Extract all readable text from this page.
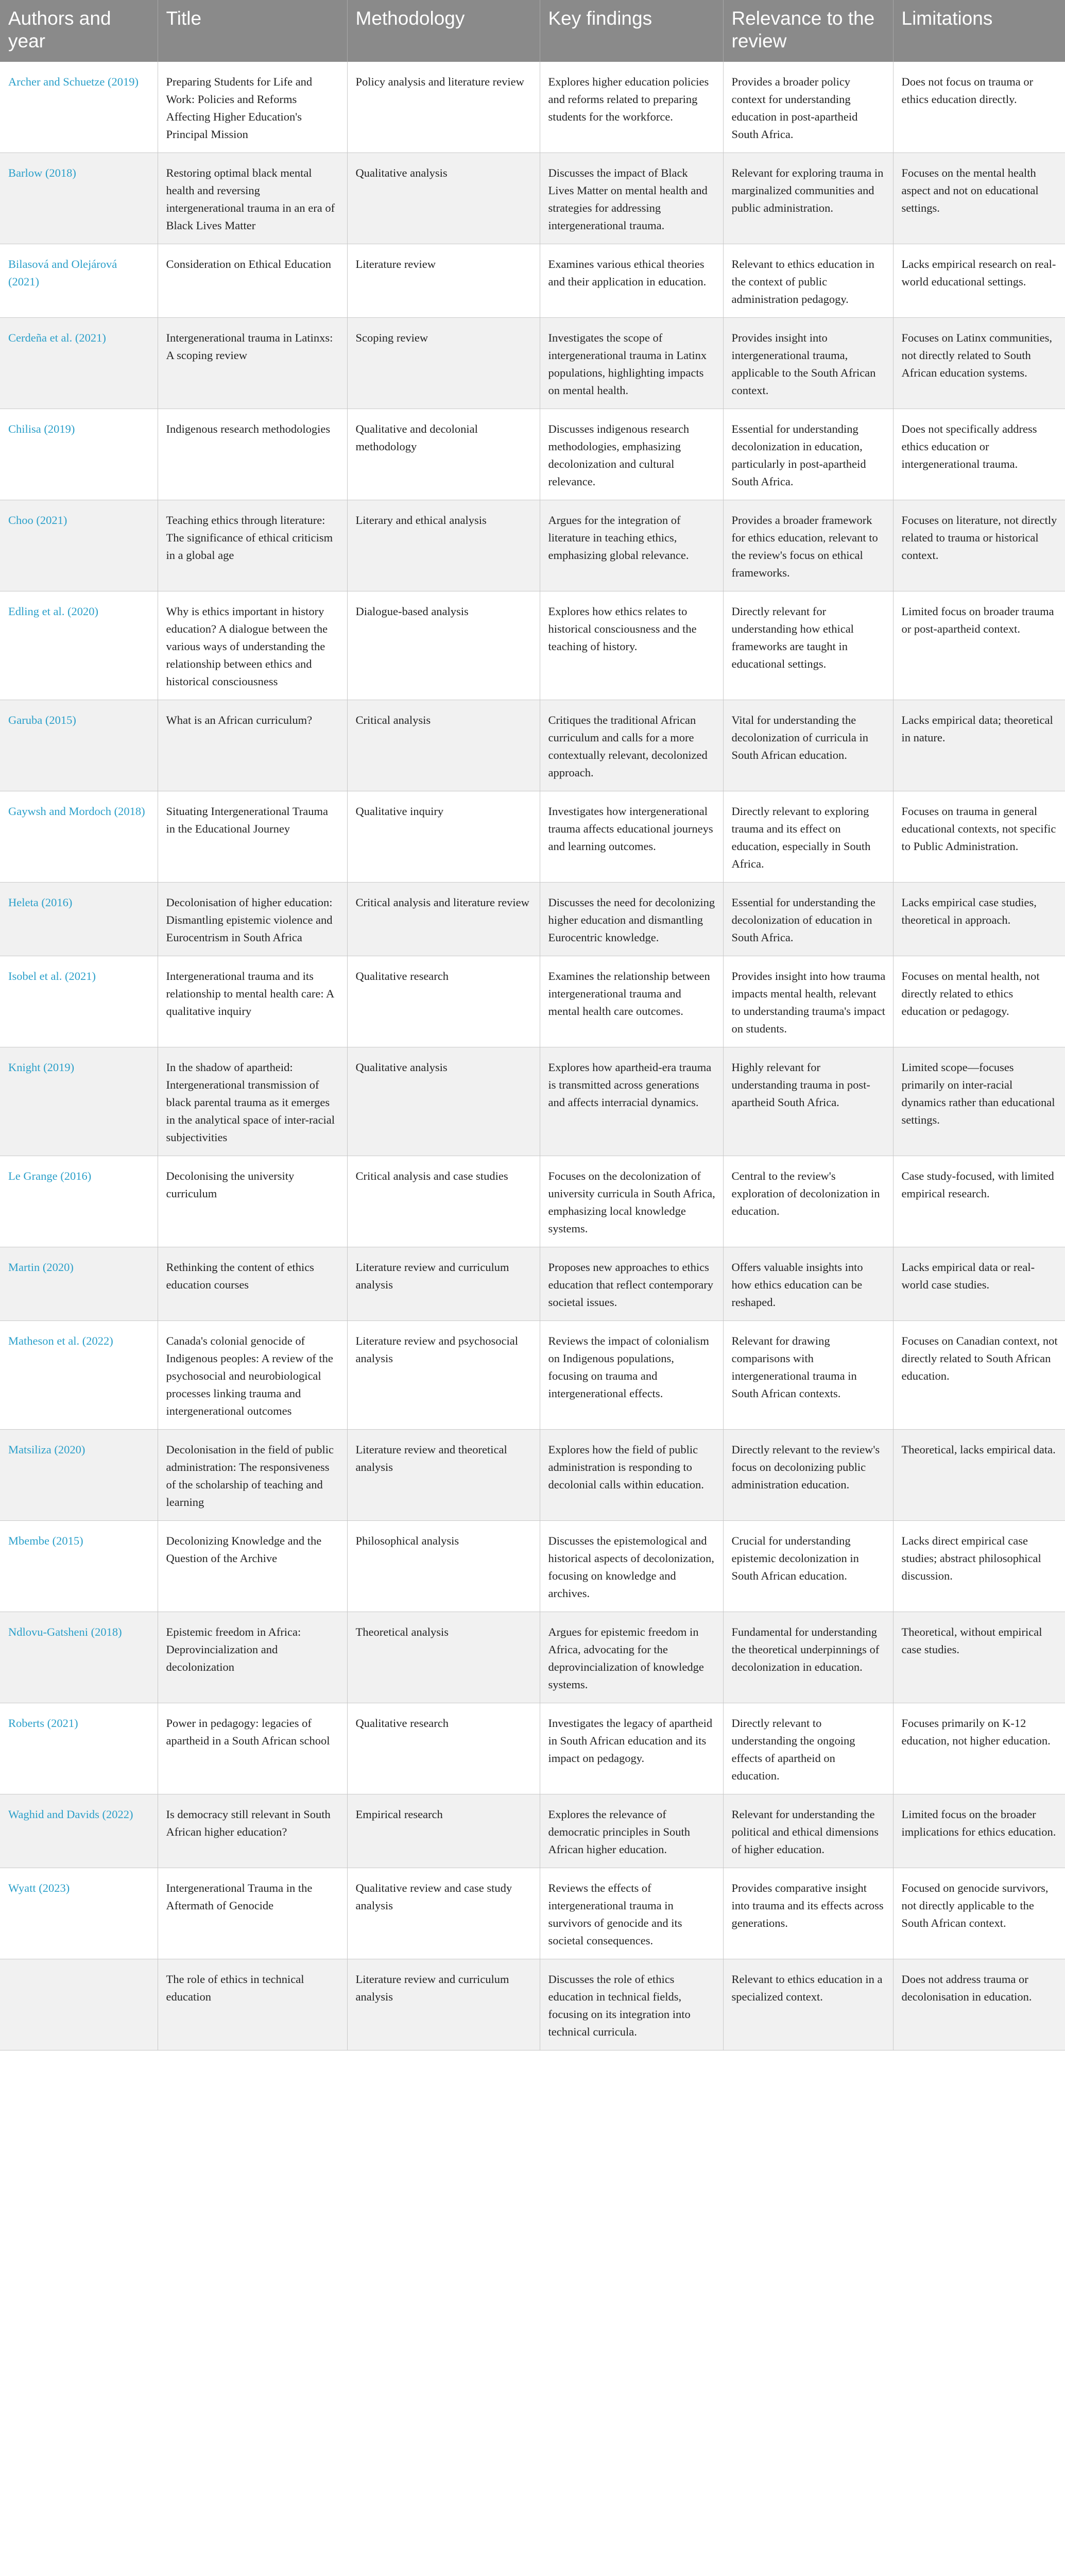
Authors and year	Title	Methodology	Key findings	Relevance to the review	Limitations
Archer and Schuetze (2019)	Preparing Students for Life and Work: Policies and Reforms Affecting Higher Education's Principal Mission	Policy analysis and literature review	Explores higher education policies and reforms related to preparing students for the workforce.	Provides a broader policy context for understanding education in post-apartheid South Africa.	Does not focus on trauma or ethics education directly.
Barlow (2018)	Restoring optimal black mental health and reversing intergenerational trauma in an era of Black Lives Matter	Qualitative analysis	Discusses the impact of Black Lives Matter on mental health and strategies for addressing intergenerational trauma.	Relevant for exploring trauma in marginalized communities and public administration.	Focuses on the mental health aspect and not on educational settings.
Bilasová and Olejárová (2021)	Consideration on Ethical Education	Literature review	Examines various ethical theories and their application in education.	Relevant to ethics education in the context of public administration pedagogy.	Lacks empirical research on real-world educational settings.
Cerdeña et al. (2021)	Intergenerational trauma in Latinxs: A scoping review	Scoping review	Investigates the scope of intergenerational trauma in Latinx populations, highlighting impacts on mental health.	Provides insight into intergenerational trauma, applicable to the South African context.	Focuses on Latinx communities, not directly related to South African education systems.
Chilisa (2019)	Indigenous research methodologies	Qualitative and decolonial methodology	Discusses indigenous research methodologies, emphasizing decolonization and cultural relevance.	Essential for understanding decolonization in education, particularly in post-apartheid South Africa.	Does not specifically address ethics education or intergenerational trauma.
Choo (2021)	Teaching ethics through literature: The significance of ethical criticism in a global age	Literary and ethical analysis	Argues for the integration of literature in teaching ethics, emphasizing global relevance.	Provides a broader framework for ethics education, relevant to the review's focus on ethical frameworks.	Focuses on literature, not directly related to trauma or historical context.
Edling et al. (2020)	Why is ethics important in history education? A dialogue between the various ways of understanding the relationship between ethics and historical consciousness	Dialogue-based analysis	Explores how ethics relates to historical consciousness and the teaching of history.	Directly relevant for understanding how ethical frameworks are taught in educational settings.	Limited focus on broader trauma or post-apartheid context.
Garuba (2015)	What is an African curriculum?	Critical analysis	Critiques the traditional African curriculum and calls for a more contextually relevant, decolonized approach.	Vital for understanding the decolonization of curricula in South African education.	Lacks empirical data; theoretical in nature.
Gaywsh and Mordoch (2018)	Situating Intergenerational Trauma in the Educational Journey	Qualitative inquiry	Investigates how intergenerational trauma affects educational journeys and learning outcomes.	Directly relevant to exploring trauma and its effect on education, especially in South Africa.	Focuses on trauma in general educational contexts, not specific to Public Administration.
Heleta (2016)	Decolonisation of higher education: Dismantling epistemic violence and Eurocentrism in South Africa	Critical analysis and literature review	Discusses the need for decolonizing higher education and dismantling Eurocentric knowledge.	Essential for understanding the decolonization of education in South Africa.	Lacks empirical case studies, theoretical in approach.
Isobel et al. (2021)	Intergenerational trauma and its relationship to mental health care: A qualitative inquiry	Qualitative research	Examines the relationship between intergenerational trauma and mental health care outcomes.	Provides insight into how trauma impacts mental health, relevant to understanding trauma's impact on students.	Focuses on mental health, not directly related to ethics education or pedagogy.
Knight (2019)	In the shadow of apartheid: Intergenerational transmission of black parental trauma as it emerges in the analytical space of inter-racial subjectivities	Qualitative analysis	Explores how apartheid-era trauma is transmitted across generations and affects interracial dynamics.	Highly relevant for understanding trauma in post-apartheid South Africa.	Limited scope—focuses primarily on inter-racial dynamics rather than educational settings.
Le Grange (2016)	Decolonising the university curriculum	Critical analysis and case studies	Focuses on the decolonization of university curricula in South Africa, emphasizing local knowledge systems.	Central to the review's exploration of decolonization in education.	Case study-focused, with limited empirical research.
Martin (2020)	Rethinking the content of ethics education courses	Literature review and curriculum analysis	Proposes new approaches to ethics education that reflect contemporary societal issues.	Offers valuable insights into how ethics education can be reshaped.	Lacks empirical data or real-world case studies.
Matheson et al. (2022)	Canada's colonial genocide of Indigenous peoples: A review of the psychosocial and neurobiological processes linking trauma and intergenerational outcomes	Literature review and psychosocial analysis	Reviews the impact of colonialism on Indigenous populations, focusing on trauma and intergenerational effects.	Relevant for drawing comparisons with intergenerational trauma in South African contexts.	Focuses on Canadian context, not directly related to South African education.
Matsiliza (2020)	Decolonisation in the field of public administration: The responsiveness of the scholarship of teaching and learning	Literature review and theoretical analysis	Explores how the field of public administration is responding to decolonial calls within education.	Directly relevant to the review's focus on decolonizing public administration education.	Theoretical, lacks empirical data.
Mbembe (2015)	Decolonizing Knowledge and the Question of the Archive	Philosophical analysis	Discusses the epistemological and historical aspects of decolonization, focusing on knowledge and archives.	Crucial for understanding epistemic decolonization in South African education.	Lacks direct empirical case studies; abstract philosophical discussion.
Ndlovu-Gatsheni (2018)	Epistemic freedom in Africa: Deprovincialization and decolonization	Theoretical analysis	Argues for epistemic freedom in Africa, advocating for the deprovincialization of knowledge systems.	Fundamental for understanding the theoretical underpinnings of decolonization in education.	Theoretical, without empirical case studies.
Roberts (2021)	Power in pedagogy: legacies of apartheid in a South African school	Qualitative research	Investigates the legacy of apartheid in South African education and its impact on pedagogy.	Directly relevant to understanding the ongoing effects of apartheid on education.	Focuses primarily on K-12 education, not higher education.
Waghid and Davids (2022)	Is democracy still relevant in South African higher education?	Empirical research	Explores the relevance of democratic principles in South African higher education.	Relevant for understanding the political and ethical dimensions of higher education.	Limited focus on the broader implications for ethics education.
Wyatt (2023)	Intergenerational Trauma in the Aftermath of Genocide	Qualitative review and case study analysis	Reviews the effects of intergenerational trauma in survivors of genocide and its societal consequences.	Provides comparative insight into trauma and its effects across generations.	Focused on genocide survivors, not directly applicable to the South African context.
	The role of ethics in technical education	Literature review and curriculum analysis	Discusses the role of ethics education in technical fields, focusing on its integration into technical curricula.	Relevant to ethics education in a specialized context.	Does not address trauma or decolonisation in education.
